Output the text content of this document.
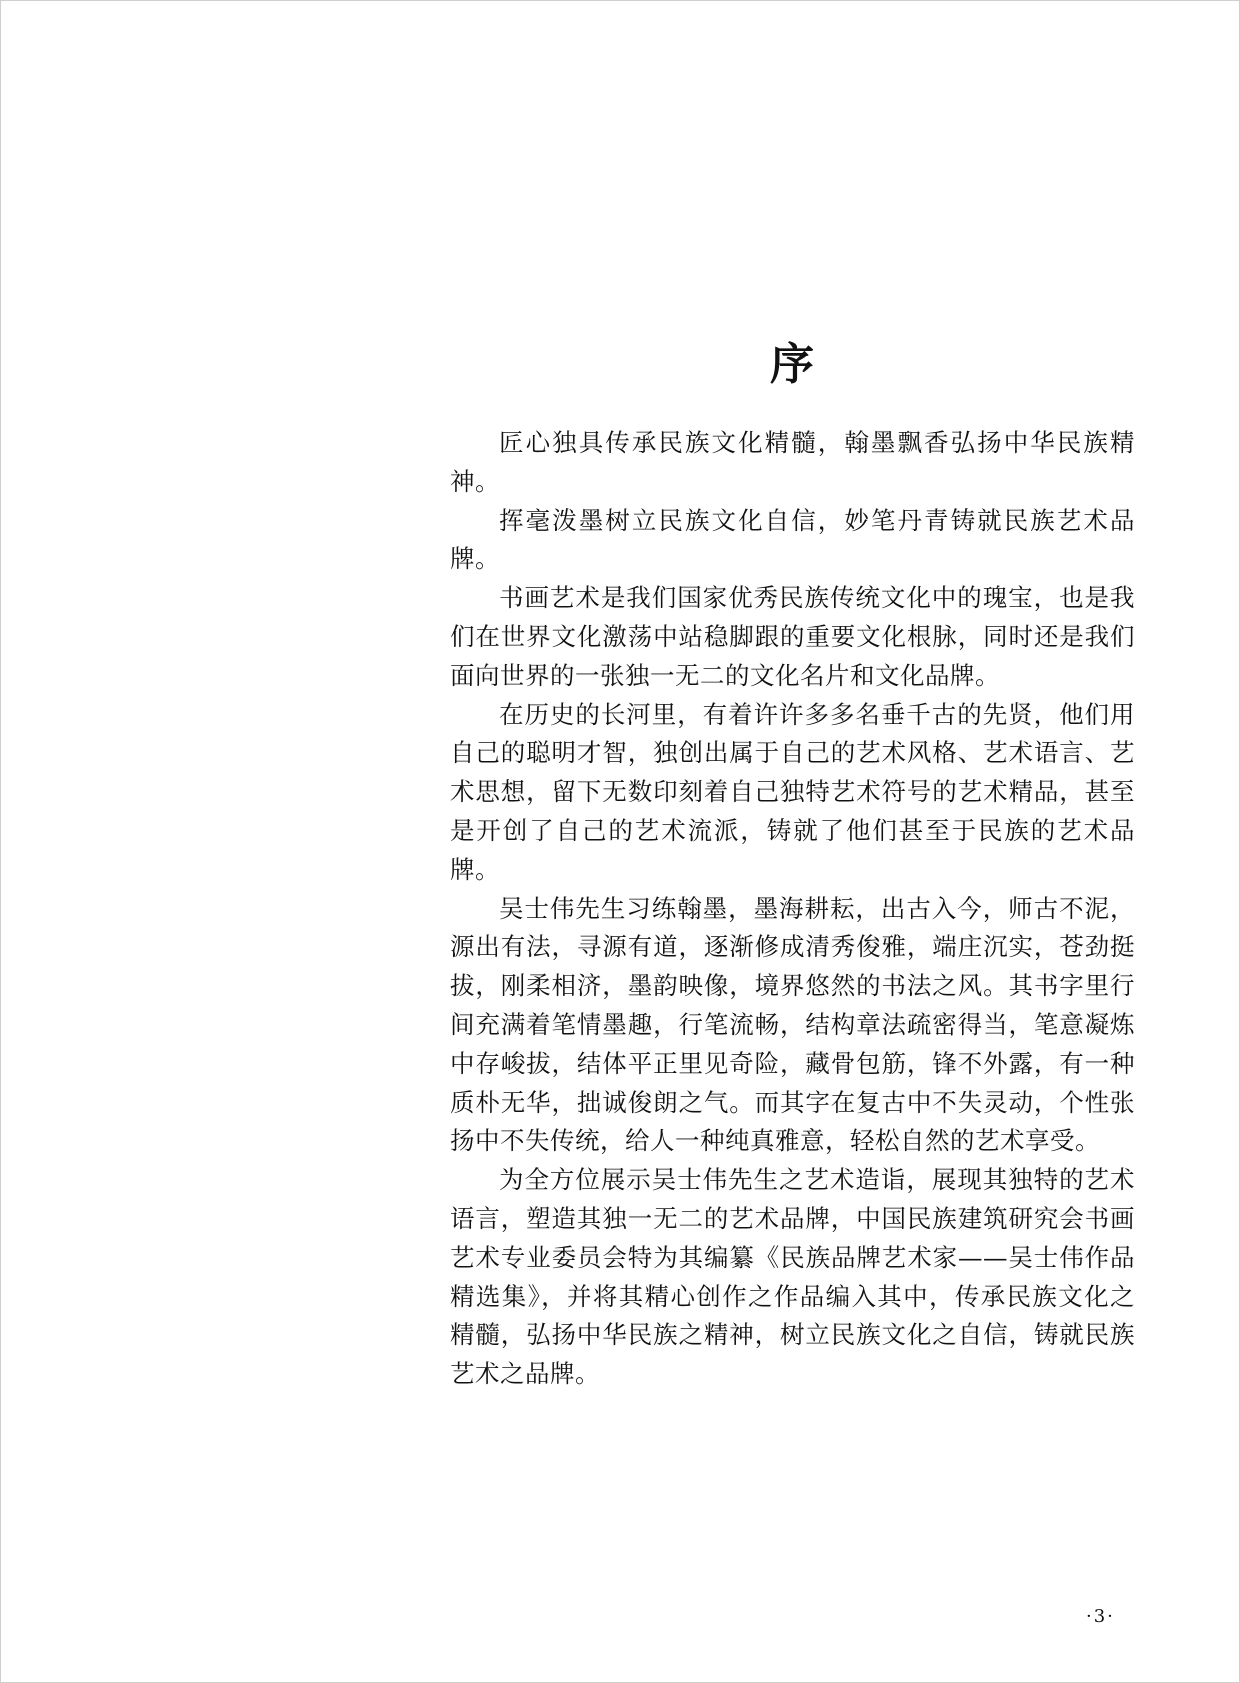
序

匠心独具传承民族文化精髓，翰墨飘香弘扬中华民族精神。

挥毫泼墨树立民族文化自信，妙笔丹青铸就民族艺术品牌。

书画艺术是我们国家优秀民族传统文化中的瑰宝，也是我们在世界文化激荡中站稳脚跟的重要文化根脉，同时还是我们面向世界的一张独一无二的文化名片和文化品牌。

在历史的长河里，有着许许多多名垂千古的先贤，他们用自己的聪明才智，独创出属于自己的艺术风格、艺术语言、艺术思想，留下无数印刻着自己独特艺术符号的艺术精品，甚至是开创了自己的艺术流派，铸就了他们甚至于民族的艺术品牌。

吴士伟先生习练翰墨，墨海耕耘，出古入今，师古不泥，源出有法，寻源有道，逐渐修成清秀俊雅，端庄沉实，苍劲挺拔，刚柔相济，墨韵映像，境界悠然的书法之风。其书字里行间充满着笔情墨趣，行笔流畅，结构章法疏密得当，笔意凝炼中存峻拔，结体平正里见奇险，藏骨包筋，锋不外露，有一种质朴无华，拙诚俊朗之气。而其字在复古中不失灵动，个性张扬中不失传统，给人一种纯真雅意，轻松自然的艺术享受。

为全方位展示吴士伟先生之艺术造诣，展现其独特的艺术语言，塑造其独一无二的艺术品牌，中国民族建筑研究会书画艺术专业委员会特为其编纂《民族品牌艺术家——吴士伟作品精选集》，并将其精心创作之作品编入其中，传承民族文化之精髓，弘扬中华民族之精神，树立民族文化之自信，铸就民族艺术之品牌。

·3·
